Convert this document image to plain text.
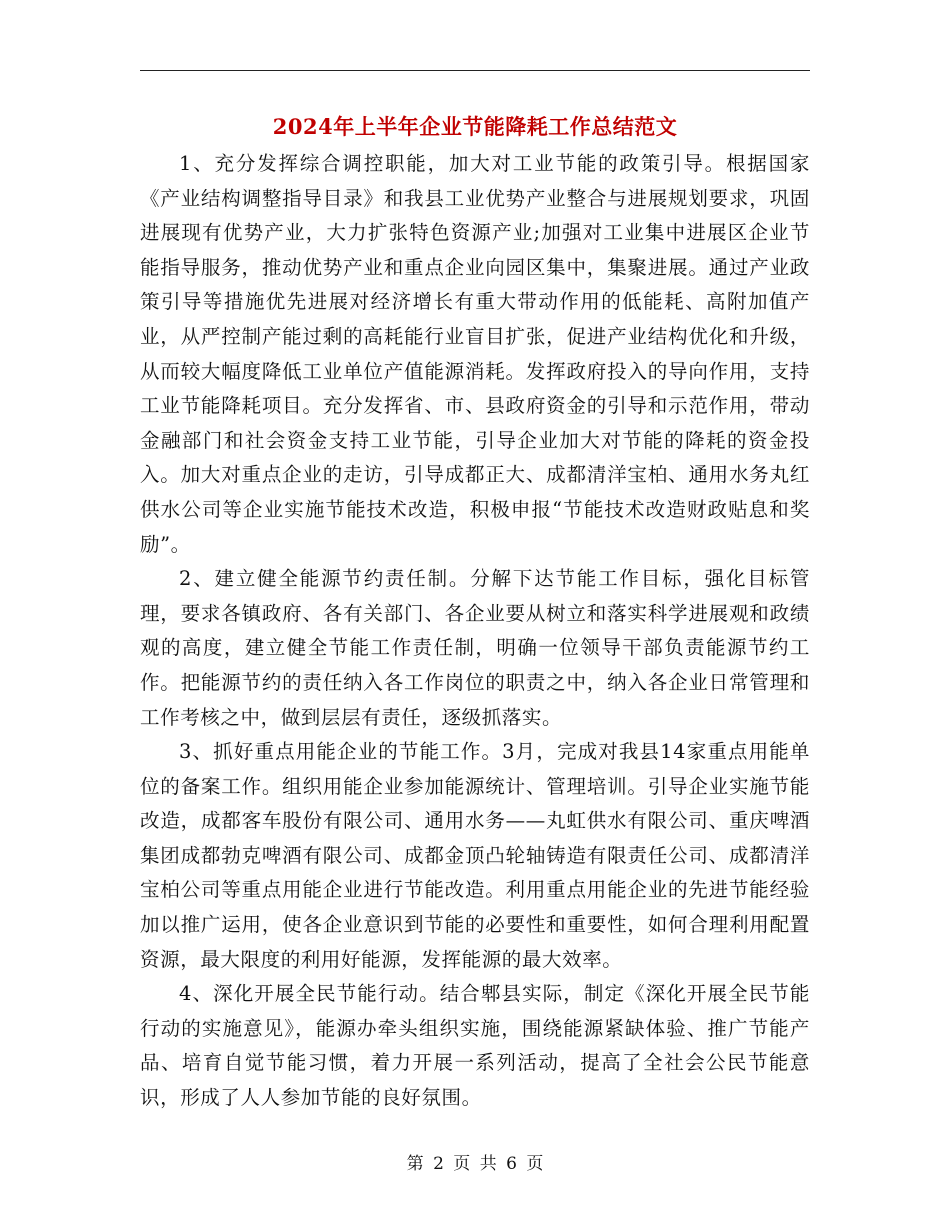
2024年上半年企业节能降耗工作总结范文

1、充分发挥综合调控职能，加大对工业节能的政策引导。根据国家《产业结构调整指导目录》和我县工业优势产业整合与进展规划要求，巩固进展现有优势产业，大力扩张特色资源产业;加强对工业集中进展区企业节能指导服务，推动优势产业和重点企业向园区集中，集聚进展。通过产业政策引导等措施优先进展对经济增长有重大带动作用的低能耗、高附加值产业，从严控制产能过剩的高耗能行业盲目扩张，促进产业结构优化和升级，从而较大幅度降低工业单位产值能源消耗。发挥政府投入的导向作用，支持工业节能降耗项目。充分发挥省、市、县政府资金的引导和示范作用，带动金融部门和社会资金支持工业节能，引导企业加大对节能的降耗的资金投入。加大对重点企业的走访，引导成都正大、成都清洋宝柏、通用水务丸红供水公司等企业实施节能技术改造，积极申报“节能技术改造财政贴息和奖励”。

2、建立健全能源节约责任制。分解下达节能工作目标，强化目标管理，要求各镇政府、各有关部门、各企业要从树立和落实科学进展观和政绩观的高度，建立健全节能工作责任制，明确一位领导干部负责能源节约工作。把能源节约的责任纳入各工作岗位的职责之中，纳入各企业日常管理和工作考核之中，做到层层有责任，逐级抓落实。

3、抓好重点用能企业的节能工作。3月，完成对我县14家重点用能单位的备案工作。组织用能企业参加能源统计、管理培训。引导企业实施节能改造，成都客车股份有限公司、通用水务——丸虹供水有限公司、重庆啤酒集团成都勃克啤酒有限公司、成都金顶凸轮轴铸造有限责任公司、成都清洋宝柏公司等重点用能企业进行节能改造。利用重点用能企业的先进节能经验加以推广运用，使各企业意识到节能的必要性和重要性，如何合理利用配置资源，最大限度的利用好能源，发挥能源的最大效率。

4、深化开展全民节能行动。结合郫县实际，制定《深化开展全民节能行动的实施意见》，能源办牵头组织实施，围绕能源紧缺体验、推广节能产品、培育自觉节能习惯，着力开展一系列活动，提高了全社会公民节能意识，形成了人人参加节能的良好氛围。

第 2 页 共 6 页
